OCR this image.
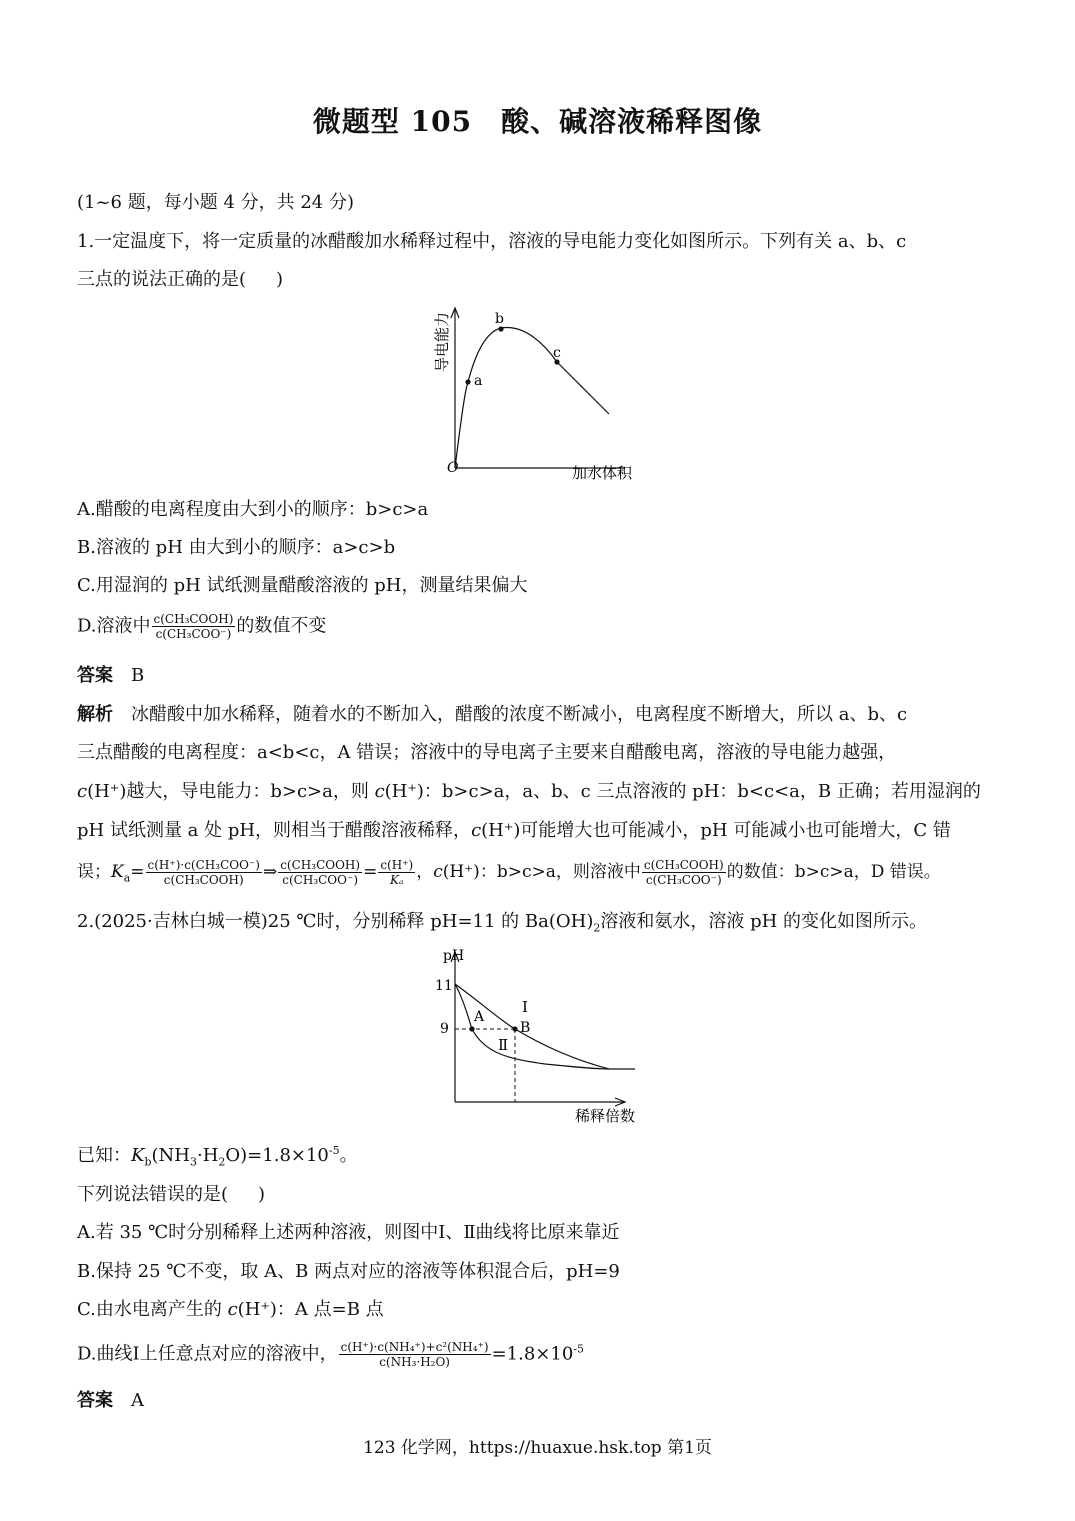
微题型 105　酸、碱溶液稀释图像
(1~6 题，每小题 4 分，共 24 分)
1.一定温度下，将一定质量的冰醋酸加水稀释过程中，溶液的导电能力变化如图所示。下列有关 a、b、c
三点的说法正确的是( )
a
b
c
O	加水体积
导电能力
A.醋酸的电离程度由大到小的顺序：b>c>a
B.溶液的 pH 由大到小的顺序：a>c>b
C.用湿润的 pH 试纸测量醋酸溶液的 pH，测量结果偏大
D.溶液中 $\frac{\text{c(CH₃COOH)}}{\text{c(CH₃COO⁻)}}$ 的数值不变
答案　 B
解析　 冰醋酸中加水稀释，随着水的不断加入，醋酸的浓度不断减小，电离程度不断增大，所以 a、b、c
三点醋酸的电离程度：a<b<c，A 错误；溶液中的导电离子主要来自醋酸电离，溶液的导电能力越强，
c(H⁺)越大，导电能力：b>c>a，则 c(H⁺)：b>c>a，a、b、c 三点溶液的 pH：b<c<a，B 正确；若用湿润的
pH 试纸测量 a 处 pH，则相当于醋酸溶液稀释，c(H⁺)可能增大也可能减小，pH 可能减小也可能增大，C 错
误；$K_a= \frac{\text{c(H⁺)·c(CH₃COO⁻)}}{\text{c(CH₃COOH)}}$ ⇒ $\frac{\text{c(CH₃COOH)}}{\text{c(CH₃COO⁻)}} = \frac{c(H^+)}{\text{Kₐ}}$ ，c(H⁺)：b>c>a，则溶液中 $\frac{\text{c(CH₃COOH)}}{\text{c(CH₃COO⁻)}}$ 的数值：b>c>a，D 错误。
2.(2025·吉林白城一模)25 ℃时，分别稀释 pH=11 的 $Ba(OH)_2$溶液和氨水，溶液 pH 的变化如图所示。
pH
11
9
A
B
Ⅰ
Ⅱ
稀释倍数
已知：$K_b(NH_3\cdot H_2O)=1.8\times 10^{-5}$。
下列说法错误的是( )
A.若 35 ℃时分别稀释上述两种溶液，则图中Ⅰ、Ⅱ曲线将比原来靠近
B.保持 25 ℃不变，取 A、B 两点对应的溶液等体积混合后，pH=9
C.由水电离产生的 c(H⁺)：A 点=B 点
D.曲线Ⅰ上任意点对应的溶液中， $\frac{\text{c(H⁺)·c(NH₄⁺)+c²(NH₄⁺)}}{\text{c(NH₃·H₂O)}} =1.8\times 10^{-5}$
答案　 A
123 化学网，https://huaxue.hsk.top 第1页
